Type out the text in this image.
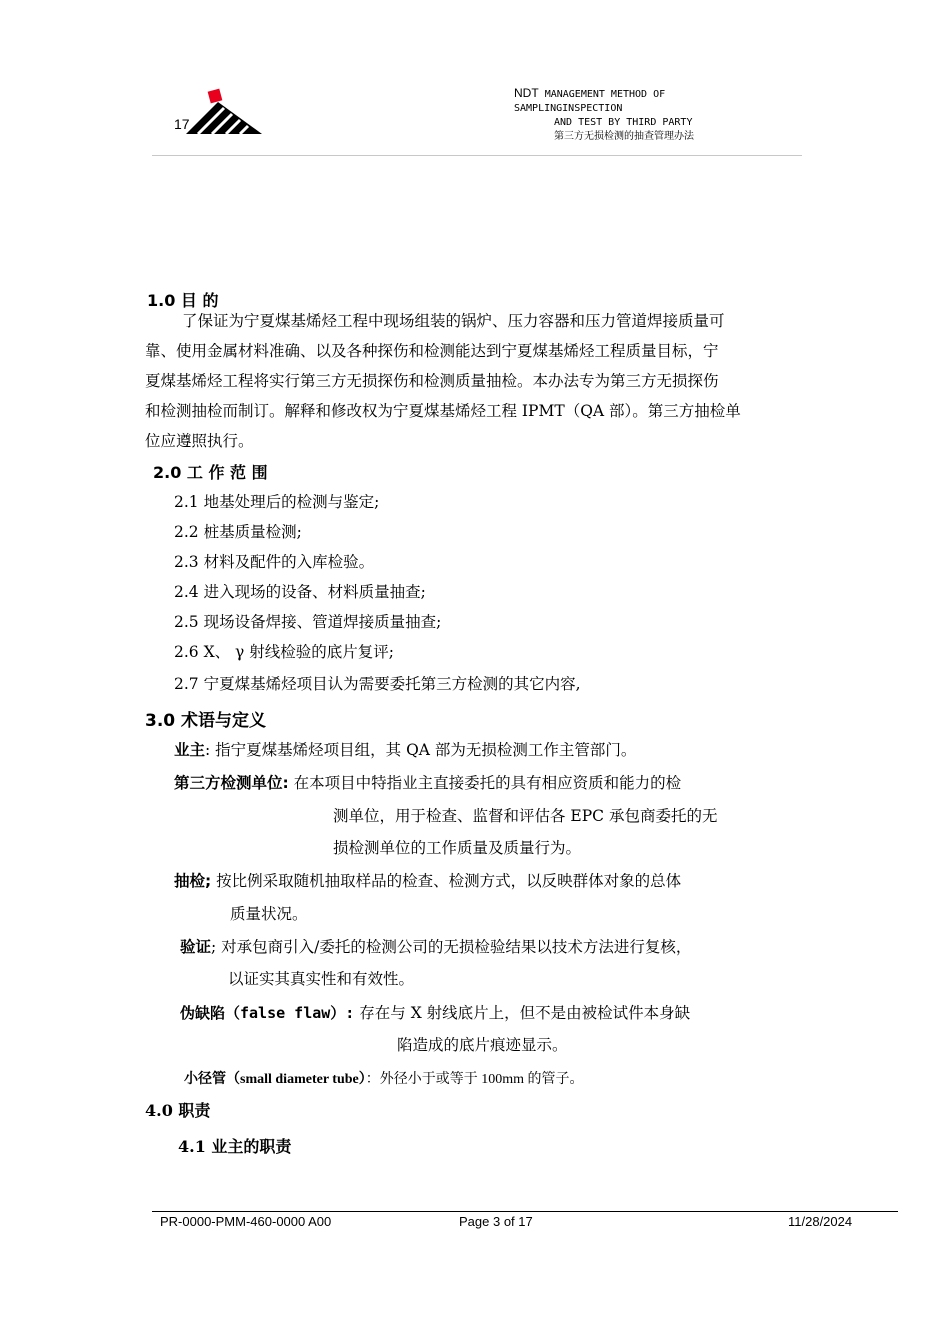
17
NDT MANAGEMENT METHOD OF
SAMPLINGINSPECTION
AND TEST BY THIRD PARTY
第三方无损检测的抽查管理办法
1.0 目 的
了保证为宁夏煤基烯烃工程中现场组装的锅炉、压力容器和压力管道焊接质量可
靠、使用金属材料准确、以及各种探伤和检测能达到宁夏煤基烯烃工程质量目标，宁
夏煤基烯烃工程将实行第三方无损探伤和检测质量抽检。本办法专为第三方无损探伤
和检测抽检而制订。解释和修改权为宁夏煤基烯烃工程 IPMT（QA 部）。第三方抽检单
位应遵照执行。
2.0 工 作 范 围
2.1 地基处理后的检测与鉴定;
2.2 桩基质量检测;
2.3 材料及配件的入库检验。
2.4 进入现场的设备、材料质量抽查;
2.5 现场设备焊接、管道焊接质量抽查;
2.6 X、 γ 射线检验的底片复评;
2.7 宁夏煤基烯烃项目认为需要委托第三方检测的其它内容,
3.0 术语与定义
业主: 指宁夏煤基烯烃项目组，其 QA 部为无损检测工作主管部门。
第三方检测单位: 在本项目中特指业主直接委托的具有相应资质和能力的检
测单位，用于检查、监督和评估各 EPC 承包商委托的无
损检测单位的工作质量及质量行为。
抽检; 按比例采取随机抽取样品的检查、检测方式，以反映群体对象的总体
质量状况。
验证; 对承包商引入/委托的检测公司的无损检验结果以技术方法进行复核，
以证实其真实性和有效性。
伪缺陷（false flaw）: 存在与 X 射线底片上，但不是由被检试件本身缺
陷造成的底片痕迹显示。
小径管（small diameter tube）：外径小于或等于 100mm 的管子。
4.0 职责
4.1 业主的职责
PR-0000-PMM-460-0000 A00	Page 3 of 17	11/28/2024
